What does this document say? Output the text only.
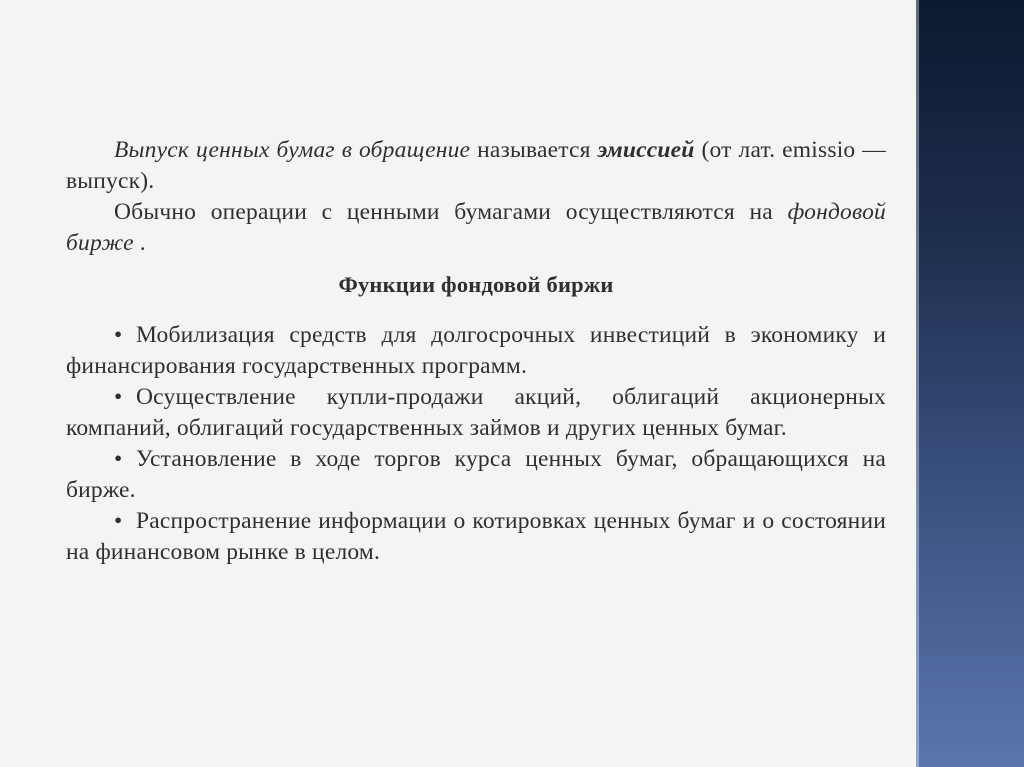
Выпуск ценных бумаг в обращение называется эмиссией (от лат. emissio — выпуск).

Обычно операции с ценными бумагами осуществляются на фондовой бирже .

Функции фондовой биржи
• Мобилизация средств для долгосрочных инвестиций в экономику и финансирования государственных программ.
• Осуществление купли-продажи акций, облигаций акционерных компаний, облигаций государственных займов и других ценных бумаг.
• Установление в ходе торгов курса ценных бумаг, обращающихся на бирже.
• Распространение информации о котировках ценных бумаг и о состоянии на финансовом рынке в целом.
